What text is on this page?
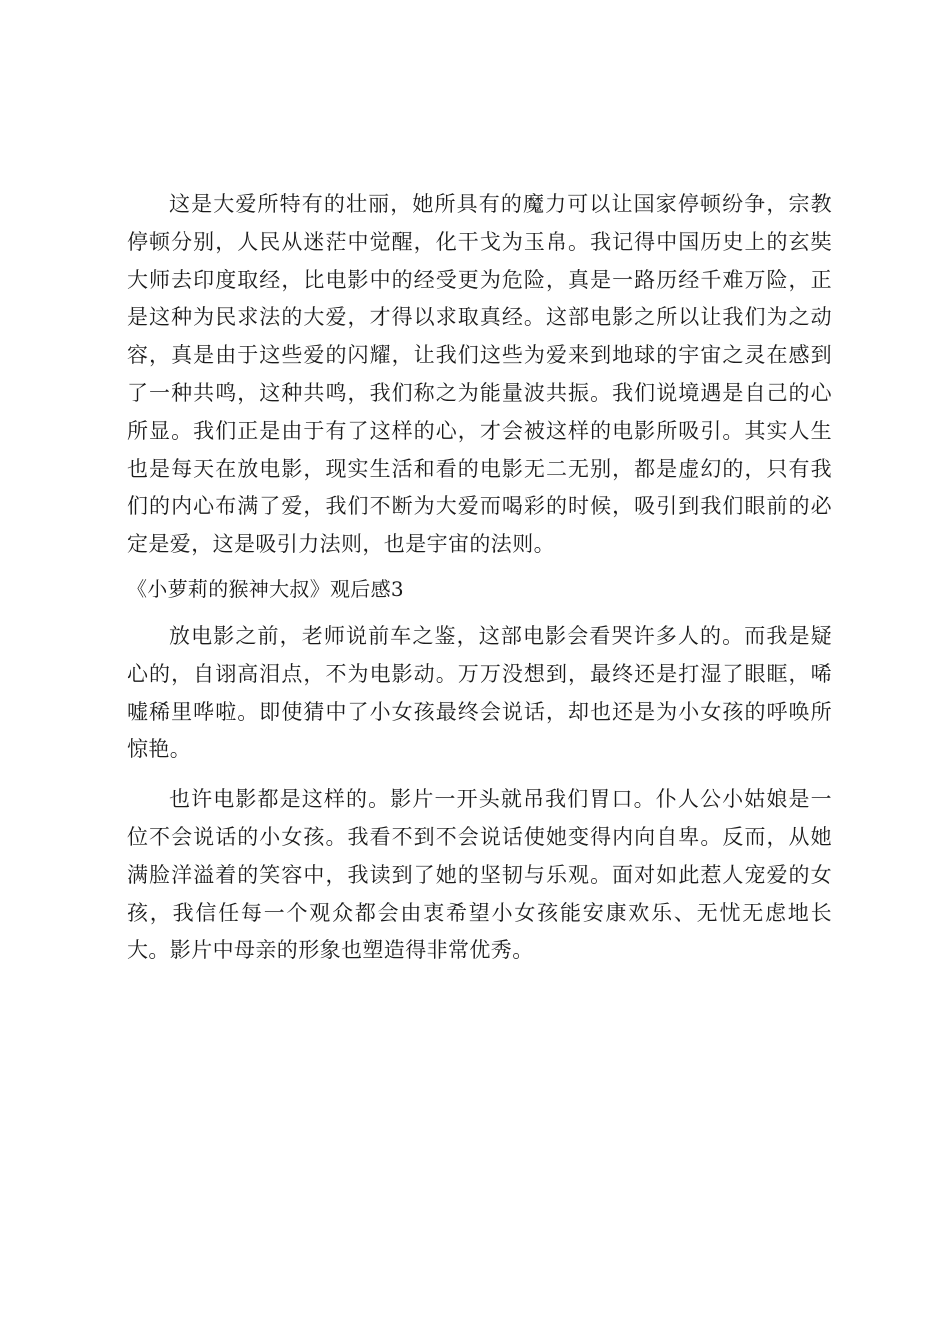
这是大爱所特有的壮丽，她所具有的魔力可以让国家停顿纷争，宗教停顿分别，人民从迷茫中觉醒，化干戈为玉帛。我记得中国历史上的玄奘大师去印度取经，比电影中的经受更为危险，真是一路历经千难万险，正是这种为民求法的大爱，才得以求取真经。这部电影之所以让我们为之动容，真是由于这些爱的闪耀，让我们这些为爱来到地球的宇宙之灵在感到了一种共鸣，这种共鸣，我们称之为能量波共振。我们说境遇是自己的心所显。我们正是由于有了这样的心，才会被这样的电影所吸引。其实人生也是每天在放电影，现实生活和看的电影无二无别，都是虚幻的，只有我们的内心布满了爱，我们不断为大爱而喝彩的时候，吸引到我们眼前的必定是爱，这是吸引力法则，也是宇宙的法则。

《小萝莉的猴神大叔》观后感3

放电影之前，老师说前车之鉴，这部电影会看哭许多人的。而我是疑心的，自诩高泪点，不为电影动。万万没想到，最终还是打湿了眼眶，唏嘘稀里哗啦。即使猜中了小女孩最终会说话，却也还是为小女孩的呼唤所惊艳。

也许电影都是这样的。影片一开头就吊我们胃口。仆人公小姑娘是一位不会说话的小女孩。我看不到不会说话使她变得内向自卑。反而，从她满脸洋溢着的笑容中，我读到了她的坚韧与乐观。面对如此惹人宠爱的女孩，我信任每一个观众都会由衷希望小女孩能安康欢乐、无忧无虑地长大。影片中母亲的形象也塑造得非常优秀。
